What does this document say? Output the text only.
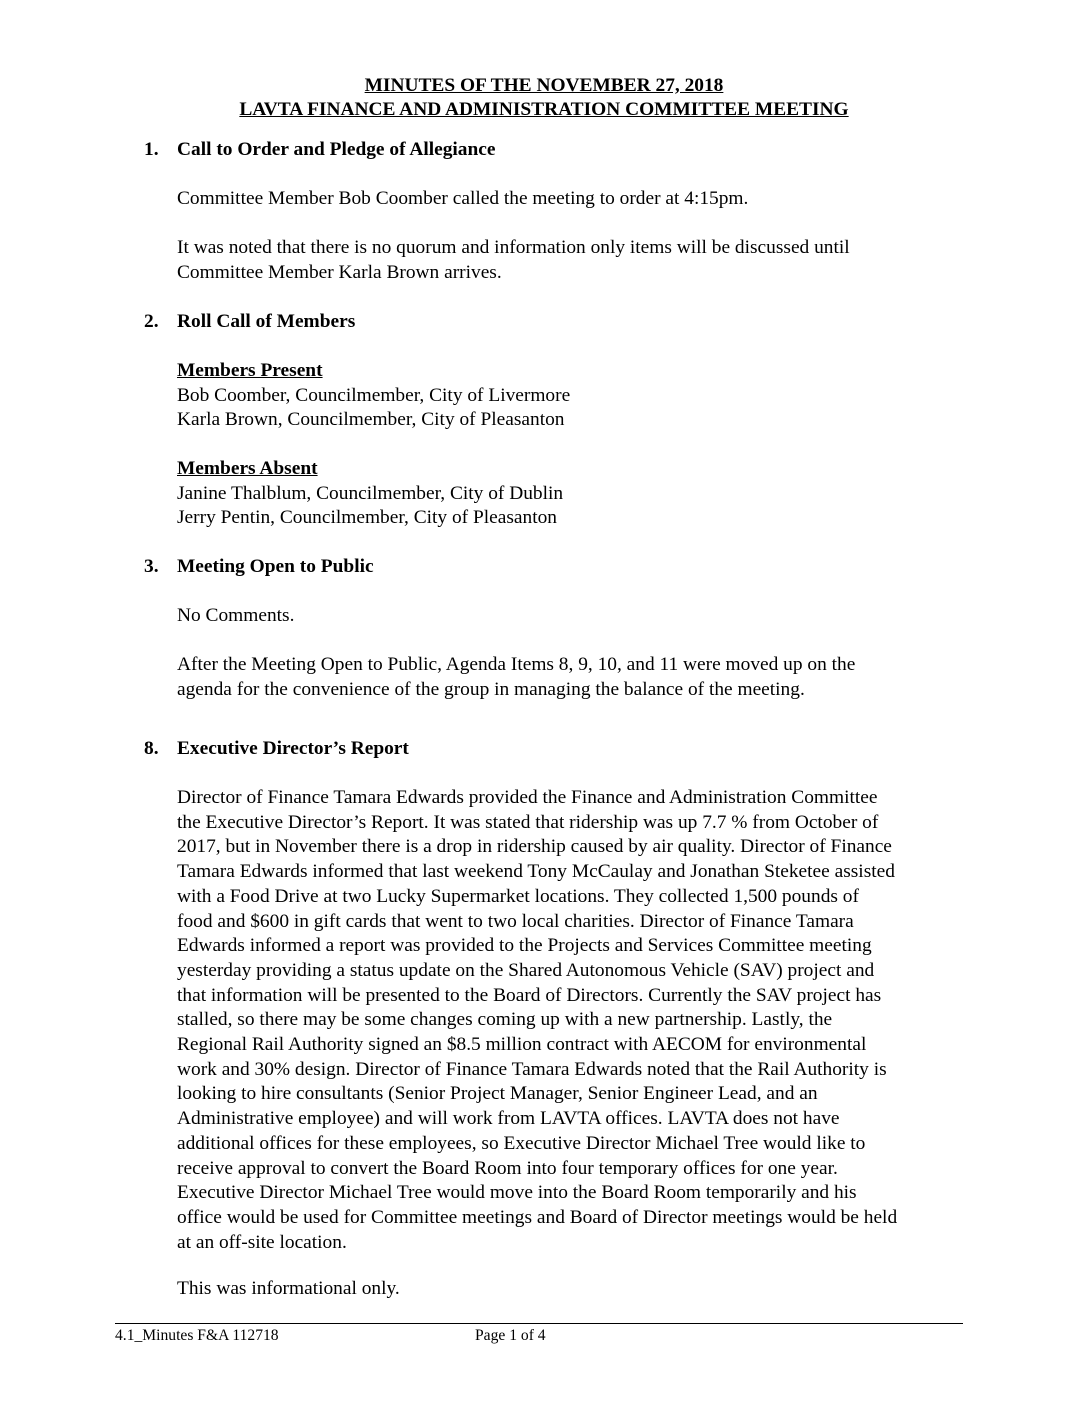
MINUTES OF THE NOVEMBER 27, 2018

LAVTA FINANCE AND ADMINISTRATION COMMITTEE MEETING

1. Call to Order and Pledge of Allegiance

Committee Member Bob Coomber called the meeting to order at 4:15pm.

It was noted that there is no quorum and information only items will be discussed until
Committee Member Karla Brown arrives.

2. Roll Call of Members

Members Present
Bob Coomber, Councilmember, City of Livermore
Karla Brown, Councilmember, City of Pleasanton

Members Absent
Janine Thalblum, Councilmember, City of Dublin
Jerry Pentin, Councilmember, City of Pleasanton

3. Meeting Open to Public

No Comments.

After the Meeting Open to Public, Agenda Items 8, 9, 10, and 11 were moved up on the
agenda for the convenience of the group in managing the balance of the meeting.

8. Executive Director’s Report

Director of Finance Tamara Edwards provided the Finance and Administration Committee
the Executive Director’s Report. It was stated that ridership was up 7.7 % from October of
2017, but in November there is a drop in ridership caused by air quality. Director of Finance
Tamara Edwards informed that last weekend Tony McCaulay and Jonathan Steketee assisted
with a Food Drive at two Lucky Supermarket locations. They collected 1,500 pounds of
food and $600 in gift cards that went to two local charities. Director of Finance Tamara
Edwards informed a report was provided to the Projects and Services Committee meeting
yesterday providing a status update on the Shared Autonomous Vehicle (SAV) project and
that information will be presented to the Board of Directors. Currently the SAV project has
stalled, so there may be some changes coming up with a new partnership. Lastly, the
Regional Rail Authority signed an $8.5 million contract with AECOM for environmental
work and 30% design. Director of Finance Tamara Edwards noted that the Rail Authority is
looking to hire consultants (Senior Project Manager, Senior Engineer Lead, and an
Administrative employee) and will work from LAVTA offices. LAVTA does not have
additional offices for these employees, so Executive Director Michael Tree would like to
receive approval to convert the Board Room into four temporary offices for one year.
Executive Director Michael Tree would move into the Board Room temporarily and his
office would be used for Committee meetings and Board of Director meetings would be held
at an off-site location.

This was informational only.

4.1_Minutes F&A 112718	Page 1 of 4
